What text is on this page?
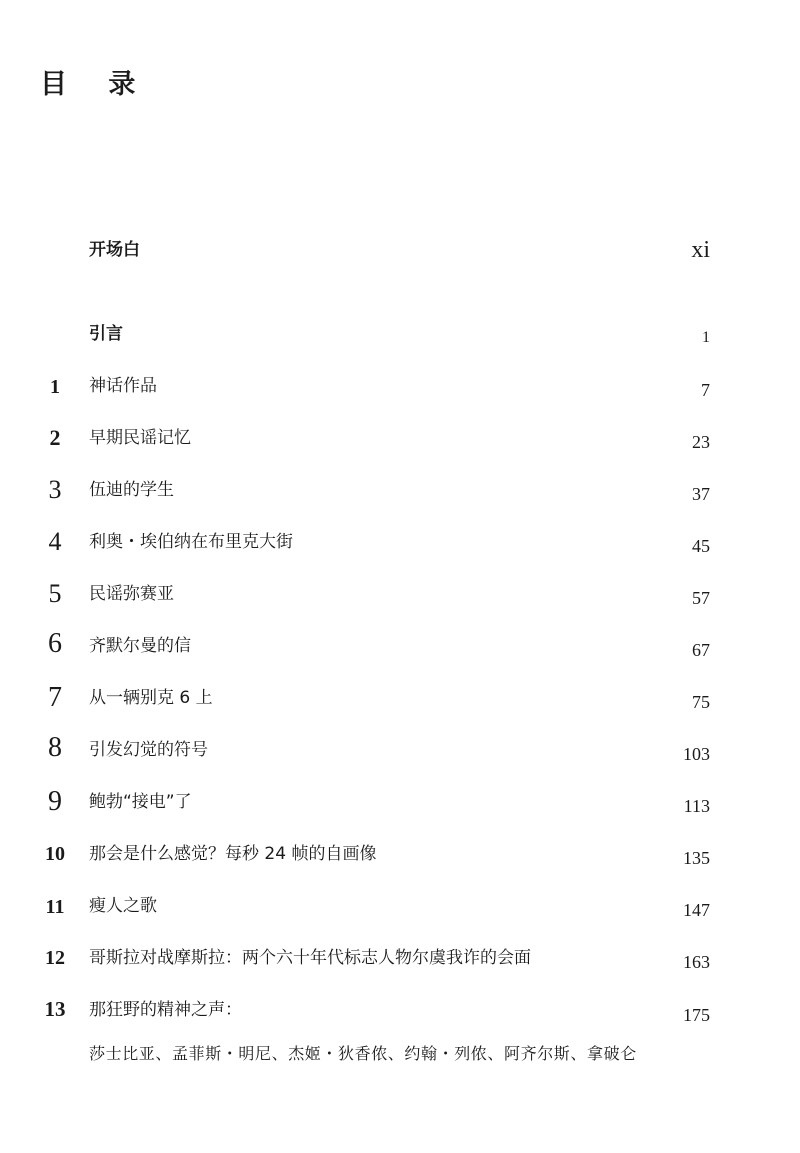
目 录
开场白	xi
引言	1
1	神话作品	7
2	早期民谣记忆	23
3	伍迪的学生	37
4	利奥・埃伯纳在布里克大街	45
5	民谣弥赛亚	57
6	齐默尔曼的信	67
7	从一辆别克 6 上	75
8	引发幻觉的符号	103
9	鲍勃“接电”了	113
10 那会是什么感觉？每秒 24 帧的自画像	135
11	瘦人之歌	147
12 哥斯拉对战摩斯拉：两个六十年代标志人物尔虞我诈的会面	163
13 那狂野的精神之声：	175
莎士比亚、孟菲斯・明尼、杰姬・狄香侬、约翰・列侬、阿齐尔斯、拿破仑
